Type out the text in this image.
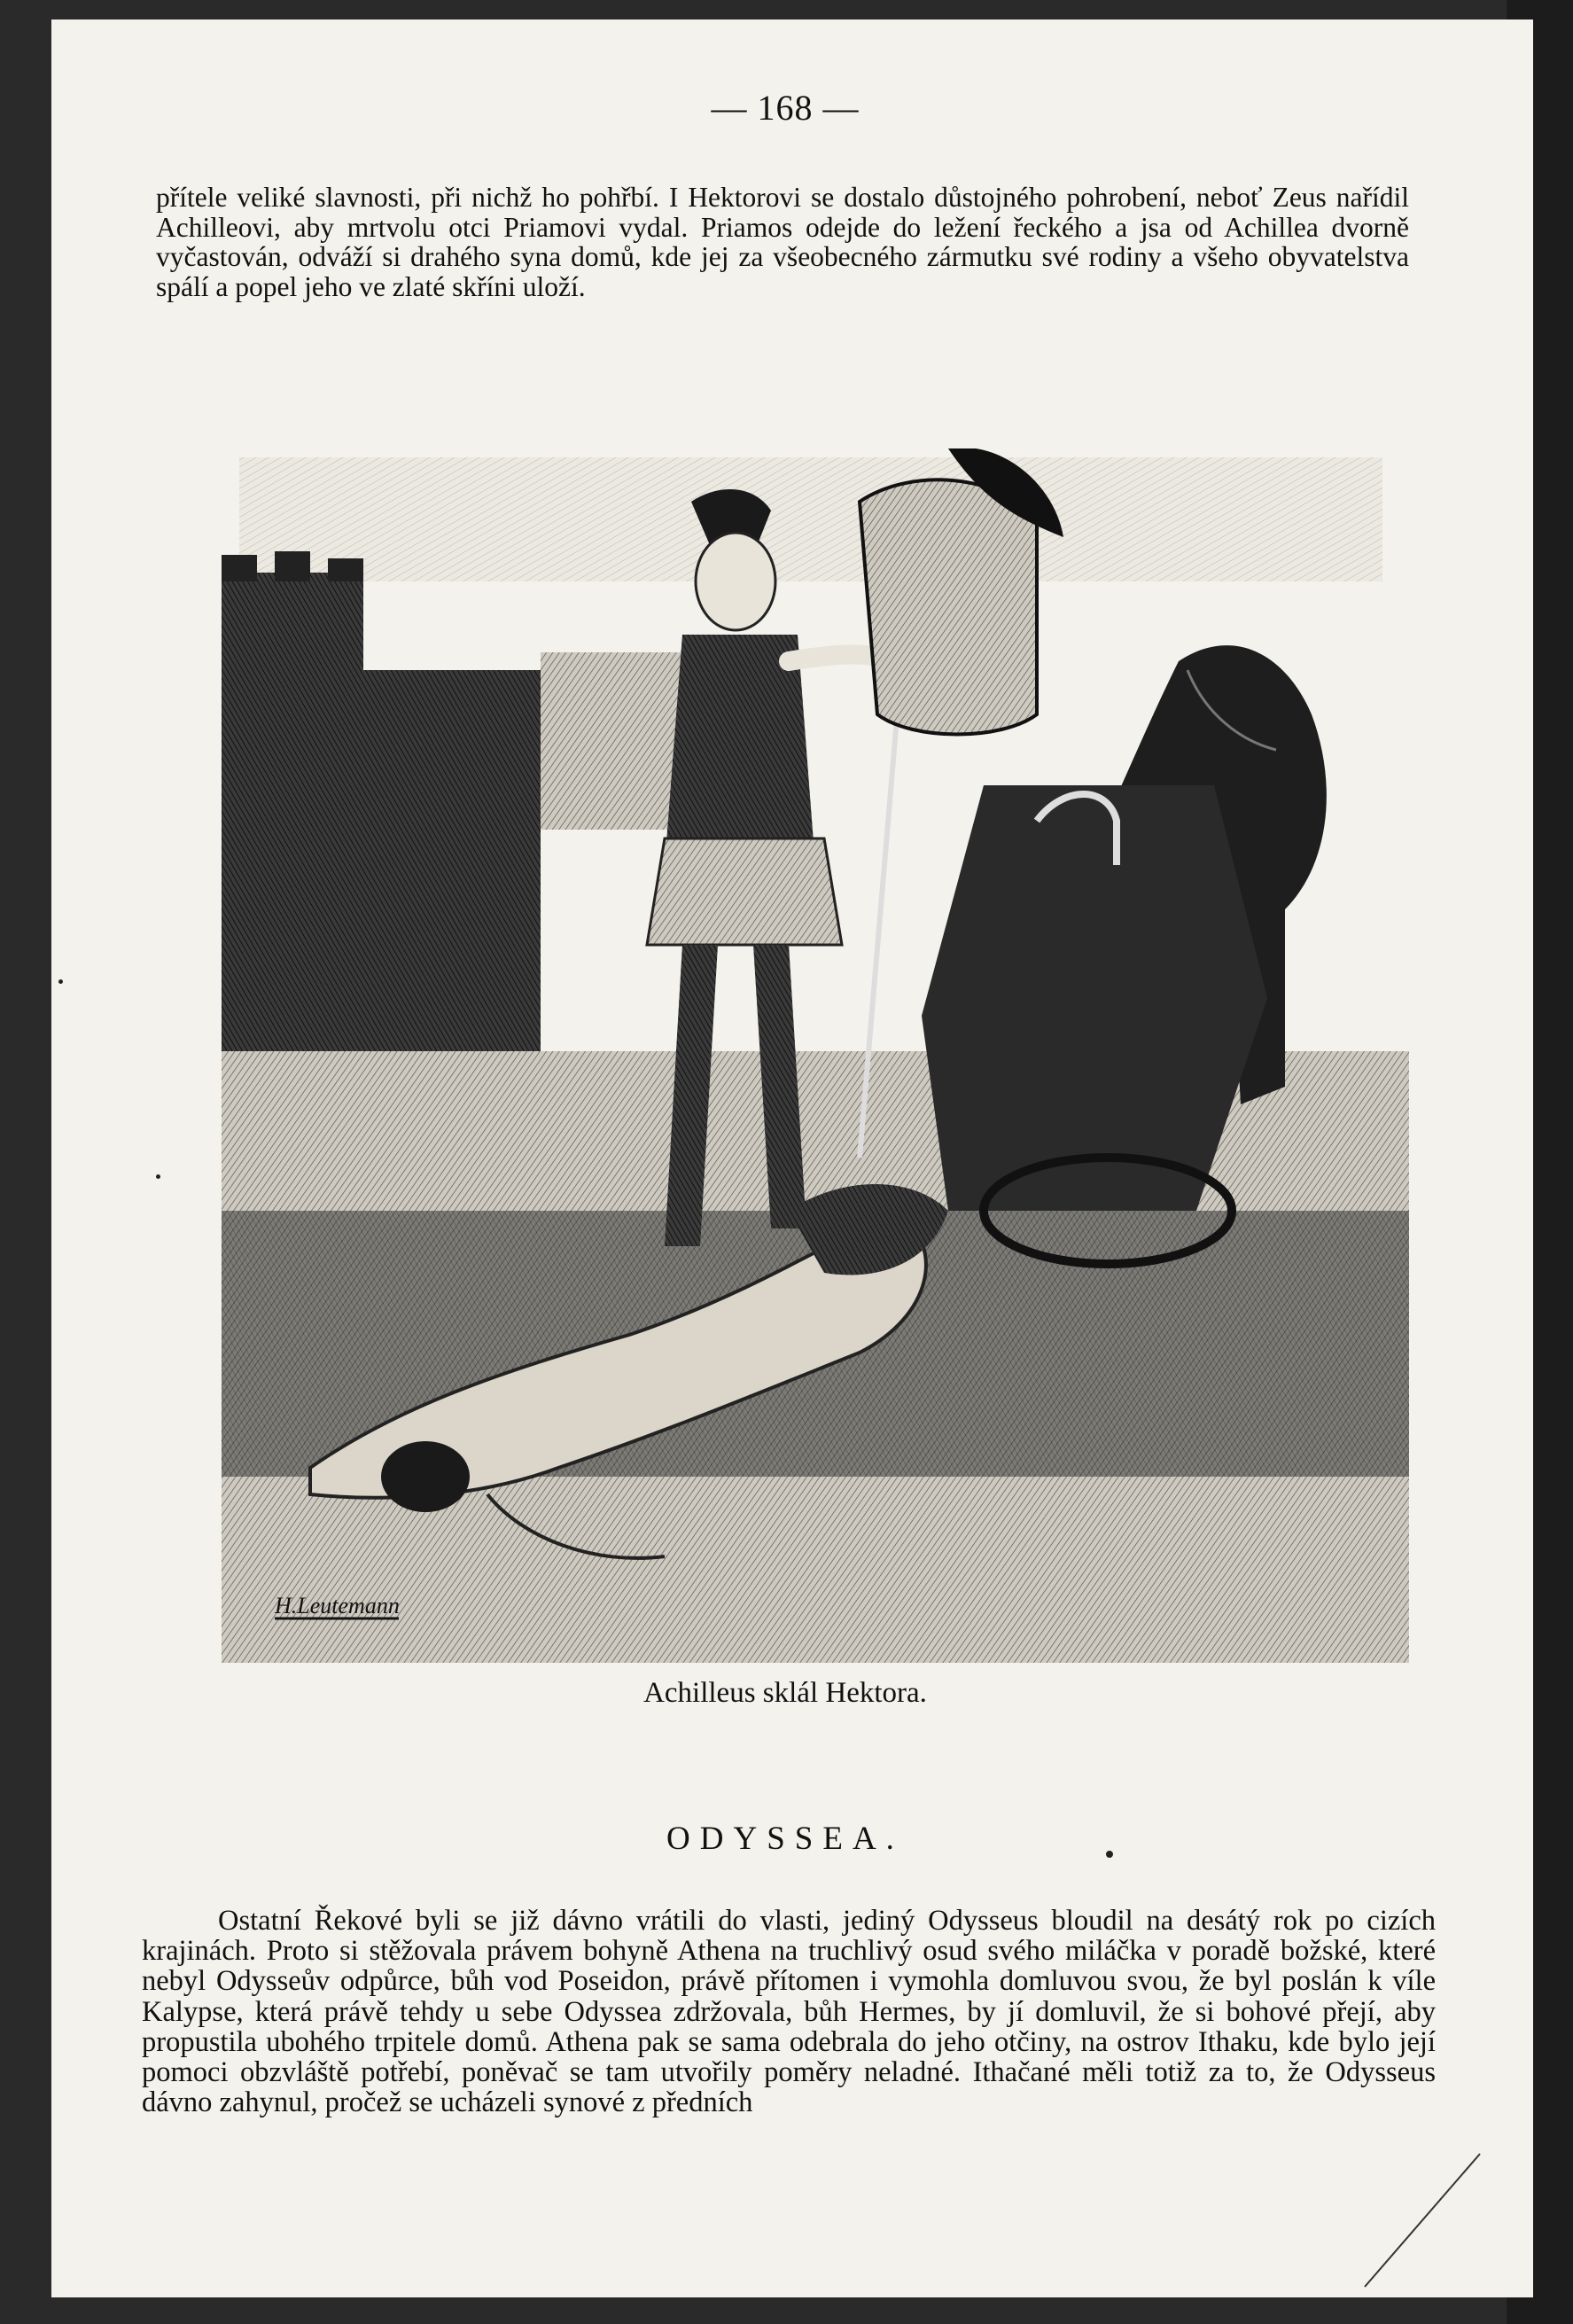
— 168 —
přítele veliké slavnosti, při nichž ho pohřbí. I Hektorovi se dostalo důstojného pohrobení, neboť Zeus nařídil Achilleovi, aby mrtvolu otci Priamovi vydal. Priamos odejde do ležení řeckého a jsa od Achillea dvorně vyčastován, odváží si drahého syna domů, kde jej za všeobecného zármutku své rodiny a všeho obyvatelstva spálí a popel jeho ve zlaté skříni uloží.
H.Leutemann
Achilleus sklál Hektora.
ODYSSEA.
Ostatní Řekové byli se již dávno vrátili do vlasti, jediný Odysseus bloudil na desátý rok po cizích krajinách. Proto si stěžovala právem bohyně Athena na truchlivý osud svého miláčka v poradě božské, které nebyl Odysseův odpůrce, bůh vod Poseidon, právě přítomen i vymohla domluvou svou, že byl poslán k víle Kalypse, která právě tehdy u sebe Odyssea zdržovala, bůh Hermes, by jí domluvil, že si bohové přejí, aby propustila ubohého trpitele domů. Athena pak se sama odebrala do jeho otčiny, na ostrov Ithaku, kde bylo její pomoci obzvláště potřebí, poněvač se tam utvořily poměry neladné. Ithačané měli totiž za to, že Odysseus dávno zahynul, pročež se ucházeli synové z předních
